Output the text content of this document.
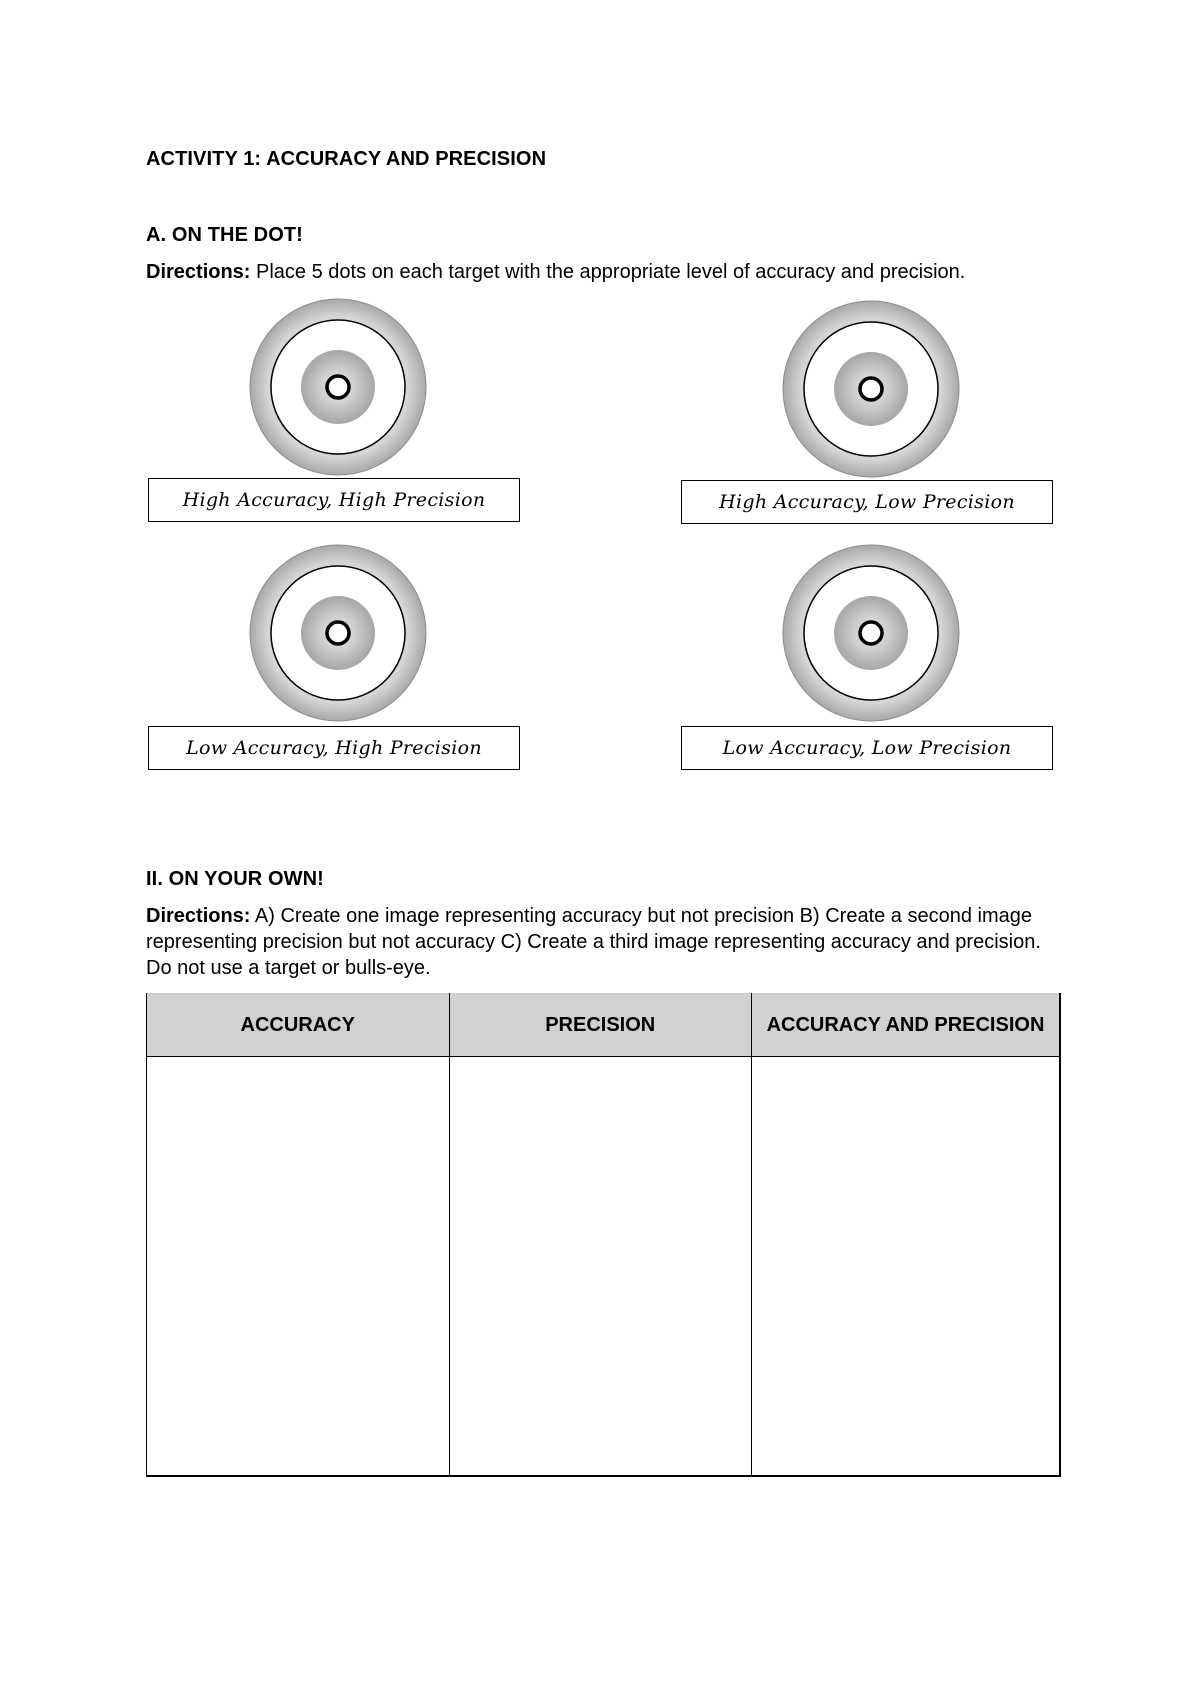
ACTIVITY 1: ACCURACY AND PRECISION
A. ON THE DOT!
Directions: Place 5 dots on each target with the appropriate level of accuracy and precision.
High Accuracy, High Precision	High Accuracy, Low Precision
Low Accuracy, High Precision	Low Accuracy, Low Precision
II. ON YOUR OWN!
Directions: A) Create one image representing accuracy but not precision B) Create a second image representing precision but not accuracy C) Create a third image representing accuracy and precision. Do not use a target or bulls-eye.
ACCURACY	PRECISION	ACCURACY AND PRECISION
